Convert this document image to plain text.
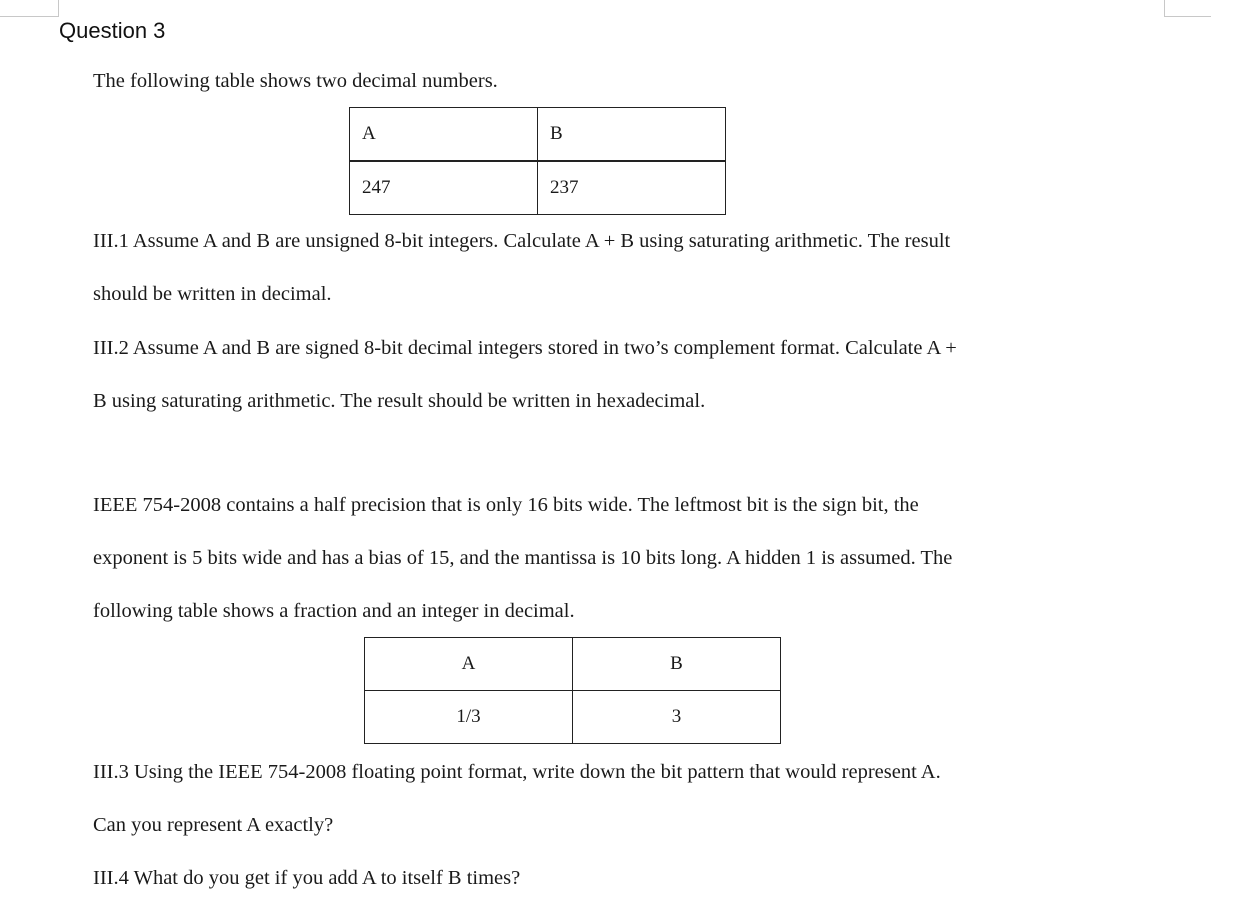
Question 3

The following table shows two decimal numbers.

A	B
247	237
III.1 Assume A and B are unsigned 8-bit integers. Calculate A + B using saturating arithmetic. The result
should be written in decimal.
III.2 Assume A and B are signed 8-bit decimal integers stored in two’s complement format. Calculate A +
B using saturating arithmetic. The result should be written in hexadecimal.
IEEE 754-2008 contains a half precision that is only 16 bits wide. The leftmost bit is the sign bit, the
exponent is 5 bits wide and has a bias of 15, and the mantissa is 10 bits long. A hidden 1 is assumed. The
following table shows a fraction and an integer in decimal.
A	B
1/3	3
III.3 Using the IEEE 754-2008 floating point format, write down the bit pattern that would represent A.
Can you represent A exactly?
III.4 What do you get if you add A to itself B times?
